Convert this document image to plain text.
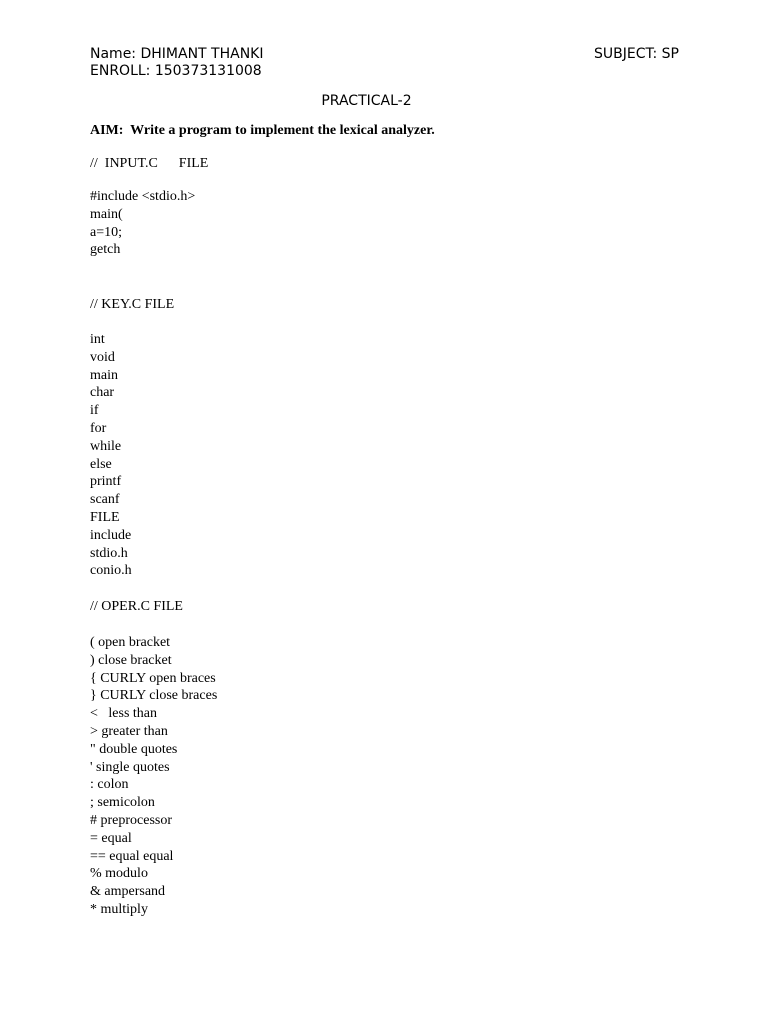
Name: DHIMANT THANKI	SUBJECT: SP
ENROLL: 150373131008
PRACTICAL-2
AIM:  Write a program to implement the lexical analyzer.
//  INPUT.C      FILE
#include <stdio.h>
main(
a=10;
getch
// KEY.C FILE
int
void
main
char
if
for
while
else
printf
scanf
FILE
include
stdio.h
conio.h
// OPER.C FILE
( open bracket
) close bracket
{ CURLY open braces
} CURLY close braces
<   less than
> greater than
" double quotes
' single quotes
: colon
; semicolon
# preprocessor
= equal
== equal equal
% modulo
& ampersand
* multiply
